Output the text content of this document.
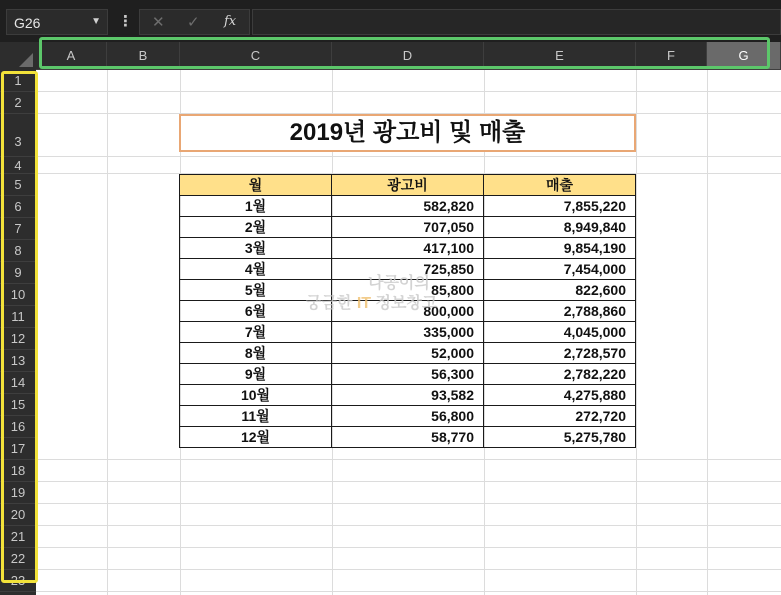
G26	▼ ⋮ ✕ ✓ fx
A	B	C	D	E	F	G
1
2
3
4
5
6
7
8
9
10
11
12
13
14
15
16
17
18
19
20
21
22
23
2019년 광고비 및 매출
월	광고비	매출
1월	582,820	7,855,220
2월	707,050	8,949,840
3월	417,100	9,854,190
4월	725,850	7,454,000
5월	85,800	822,600
6월	800,000	2,788,860
7월	335,000	4,045,000
8월	52,000	2,728,570
9월	56,300	2,782,220
10월	93,582	4,275,880
11월	56,800	272,720
12월	58,770	5,275,780
나공이의
궁금한 IT 정보창고
